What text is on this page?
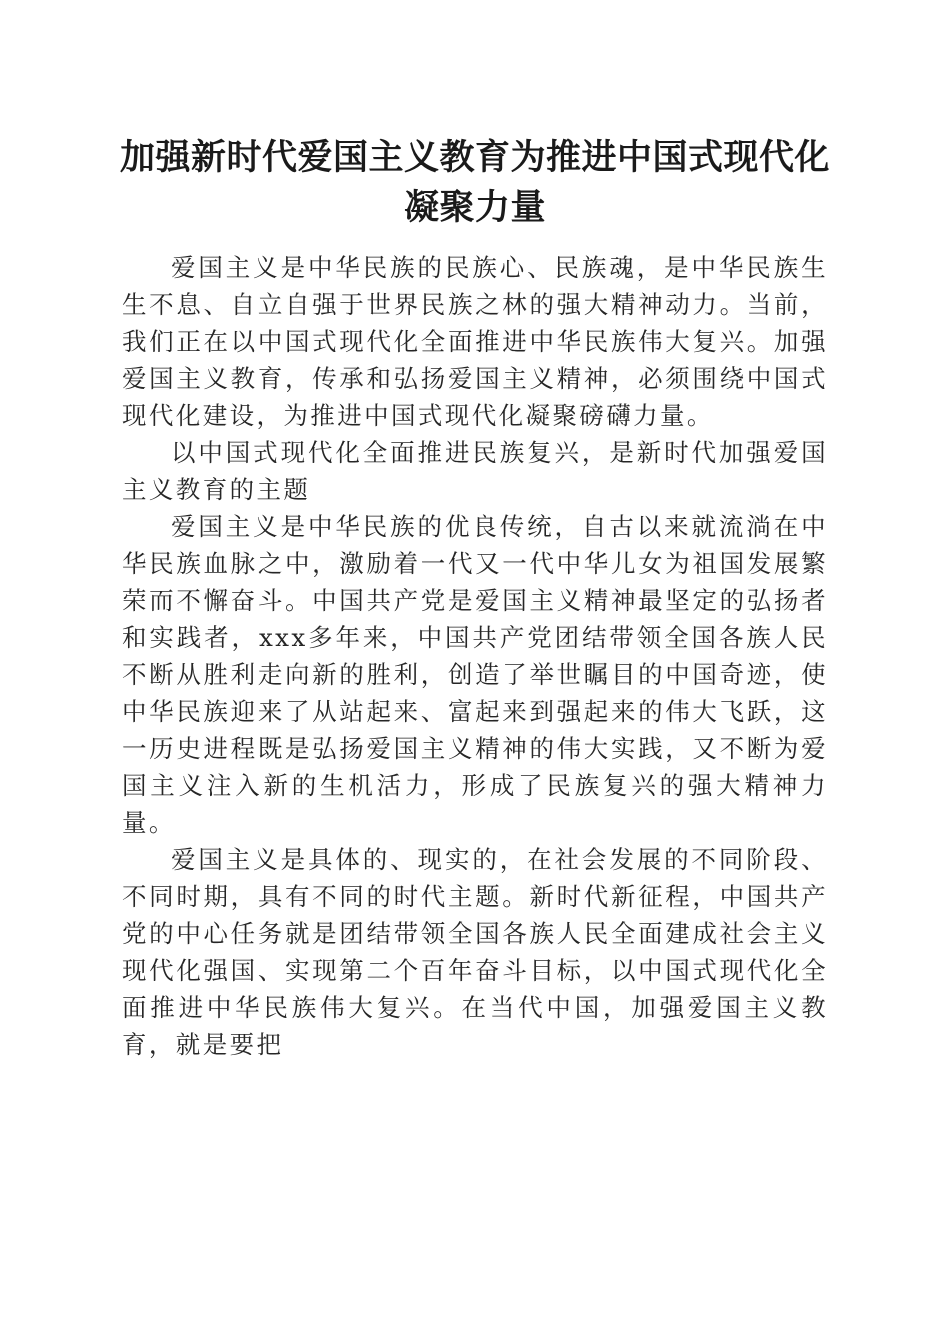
加强新时代爱国主义教育为推进中国式现代化
凝聚力量

爱国主义是中华民族的民族心、民族魂，是中华民族生生不息、自立自强于世界民族之林的强大精神动力。当前，我们正在以中国式现代化全面推进中华民族伟大复兴。加强爱国主义教育，传承和弘扬爱国主义精神，必须围绕中国式现代化建设，为推进中国式现代化凝聚磅礴力量。

以中国式现代化全面推进民族复兴，是新时代加强爱国主义教育的主题

爱国主义是中华民族的优良传统，自古以来就流淌在中华民族血脉之中，激励着一代又一代中华儿女为祖国发展繁荣而不懈奋斗。中国共产党是爱国主义精神最坚定的弘扬者和实践者，xxx多年来，中国共产党团结带领全国各族人民不断从胜利走向新的胜利，创造了举世瞩目的中国奇迹，使中华民族迎来了从站起来、富起来到强起来的伟大飞跃，这一历史进程既是弘扬爱国主义精神的伟大实践，又不断为爱国主义注入新的生机活力，形成了民族复兴的强大精神力量。

爱国主义是具体的、现实的，在社会发展的不同阶段、不同时期，具有不同的时代主题。新时代新征程，中国共产党的中心任务就是团结带领全国各族人民全面建成社会主义现代化强国、实现第二个百年奋斗目标，以中国式现代化全面推进中华民族伟大复兴。在当代中国，加强爱国主义教育，就是要把
